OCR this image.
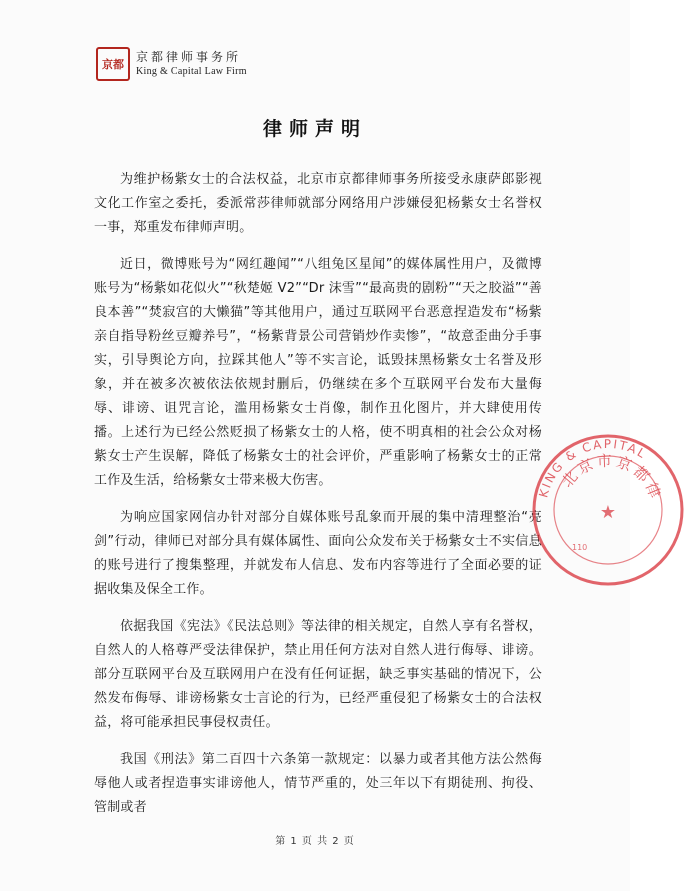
京都 京都律师事务所
King & Capital Law Firm
律师声明

为维护杨紫女士的合法权益，北京市京都律师事务所接受永康萨郎影视文化工作室之委托，委派常莎律师就部分网络用户涉嫌侵犯杨紫女士名誉权一事，郑重发布律师声明。

近日，微博账号为“网红趣闻”“八组兔区星闻”的媒体属性用户，及微博账号为“杨紫如花似火”“秋楚姬 V2”“Dr 沫雪”“最高贵的剧粉”“天之胶溢”“善良本善”“焚寂宫的大懒猫”等其他用户，通过互联网平台恶意捏造发布“杨紫亲自指导粉丝豆瓣养号”，“杨紫背景公司营销炒作卖惨”，“故意歪曲分手事实，引导舆论方向，拉踩其他人”等不实言论，诋毁抹黑杨紫女士名誉及形象，并在被多次被依法依规封删后，仍继续在多个互联网平台发布大量侮辱、诽谤、诅咒言论，滥用杨紫女士肖像，制作丑化图片，并大肆使用传播。上述行为已经公然贬损了杨紫女士的人格，使不明真相的社会公众对杨紫女士产生误解，降低了杨紫女士的社会评价，严重影响了杨紫女士的正常工作及生活，给杨紫女士带来极大伤害。

为响应国家网信办针对部分自媒体账号乱象而开展的集中清理整治“亮剑”行动，律师已对部分具有媒体属性、面向公众发布关于杨紫女士不实信息的账号进行了搜集整理，并就发布人信息、发布内容等进行了全面必要的证据收集及保全工作。

依据我国《宪法》《民法总则》等法律的相关规定，自然人享有名誉权，自然人的人格尊严受法律保护，禁止用任何方法对自然人进行侮辱、诽谤。部分互联网平台及互联网用户在没有任何证据，缺乏事实基础的情况下，公然发布侮辱、诽谤杨紫女士言论的行为，已经严重侵犯了杨紫女士的合法权益，将可能承担民事侵权责任。

我国《刑法》第二百四十六条第一款规定：以暴力或者其他方法公然侮辱他人或者捏造事实诽谤他人，情节严重的，处三年以下有期徒刑、拘役、管制或者

KING & CAPITAL
北京市京都律
110
★
第 1 页 共 2 页
